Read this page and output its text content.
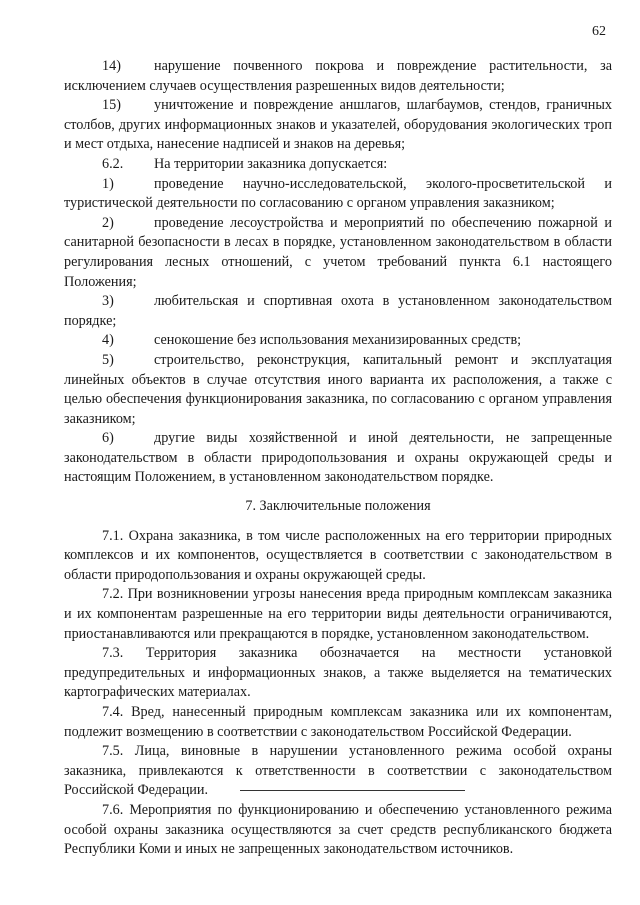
62

14) нарушение почвенного покрова и повреждение растительности, за исключением случаев осуществления разрешенных видов деятельности;

15) уничтожение и повреждение аншлагов, шлагбаумов, стендов, граничных столбов, других информационных знаков и указателей, оборудования экологических троп и мест отдыха, нанесение надписей и знаков на деревья;

6.2. На территории заказника допускается:

1)	проведение научно-исследовательской, эколого-просветительской и туристической деятельности по согласованию с органом управления заказником;

2)	проведение лесоустройства и мероприятий по обеспечению пожарной и санитарной безопасности в лесах в порядке, установленном законодательством в области регулирования лесных отношений, с учетом требований пункта 6.1 настоящего Положения;

3)	любительская и спортивная охота в установленном законодательством порядке;

4)	сенокошение без использования механизированных средств;

5)	строительство, реконструкция, капитальный ремонт и эксплуатация линейных объектов в случае отсутствия иного варианта их расположения, а также с целью обеспечения функционирования заказника, по согласованию с органом управления заказником;

6)	другие виды хозяйственной и иной деятельности, не запрещенные законодательством в области природопользования и охраны окружающей среды и настоящим Положением, в установленном законодательством порядке.

7. Заключительные положения

7.1. Охрана заказника, в том числе расположенных на его территории природных комплексов и их компонентов, осуществляется в соответствии с законодательством в области природопользования и охраны окружающей среды.

7.2. При возникновении угрозы нанесения вреда природным комплексам заказника и их компонентам разрешенные на его территории виды деятельности ограничиваются, приостанавливаются или прекращаются в порядке, установленном законодательством.

7.3. Территория заказника обозначается на местности установкой предупредительных и информационных знаков, а также выделяется на тематических картографических материалах.

7.4. Вред, нанесенный природным комплексам заказника или их компонентам, подлежит возмещению в соответствии с законодательством Российской Федерации.

7.5. Лица, виновные в нарушении установленного режима особой охраны заказника, привлекаются к ответственности в соответствии с законодательством Российской Федерации.

7.6. Мероприятия по функционированию и обеспечению установленного режима особой охраны заказника осуществляются за счет средств республиканского бюджета Республики Коми и иных не запрещенных законодательством источников.
